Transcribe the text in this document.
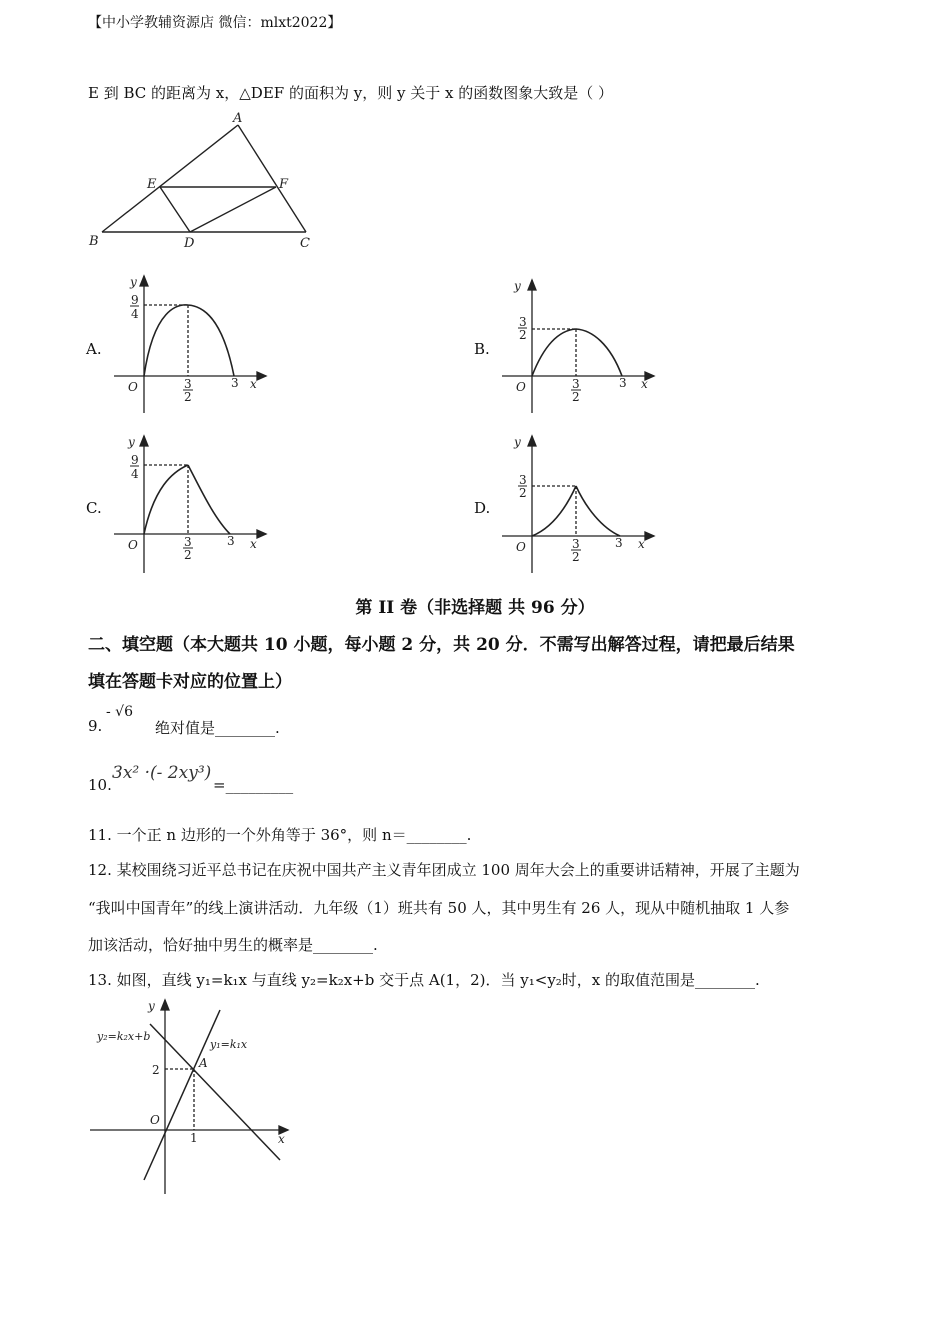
【中小学教辅资源店 微信：mlxt2022】
E 到 BC 的距离为 x，△DEF 的面积为 y，则 y 关于 x 的函数图象大致是（ ）
A
E	F
B	D	C
A.
y
x
O
9
4
3
2
3
B.
y
x
O
3
2
3
2
3
C.
y
x
O
9
4
3
2
3
D.
y
x
O
3
2
3
2
3
第 II 卷（非选择题 共 96 分）
二、填空题（本大题共 10 小题，每小题 2 分，共 20 分．不需写出解答过程，请把最后结果
填在答题卡对应的位置上）
9.
- √6
绝对值是________.
10.
3x² ·(- 2xy³)
=_________
11. 一个正 n 边形的一个外角等于 36°，则 n＝________.
12. 某校围绕习近平总书记在庆祝中国共产主义青年团成立 100 周年大会上的重要讲话精神，开展了主题为
“我叫中国青年”的线上演讲活动．九年级（1）班共有 50 人，其中男生有 26 人，现从中随机抽取 1 人参
加该活动，恰好抽中男生的概率是________.
13. 如图，直线 y₁=k₁x 与直线 y₂=k₂x+b 交于点 A(1，2)．当 y₁<y₂时，x 的取值范围是________.
y
x
O
2
1
A
y₂=k₂x+b
y₁=k₁x
